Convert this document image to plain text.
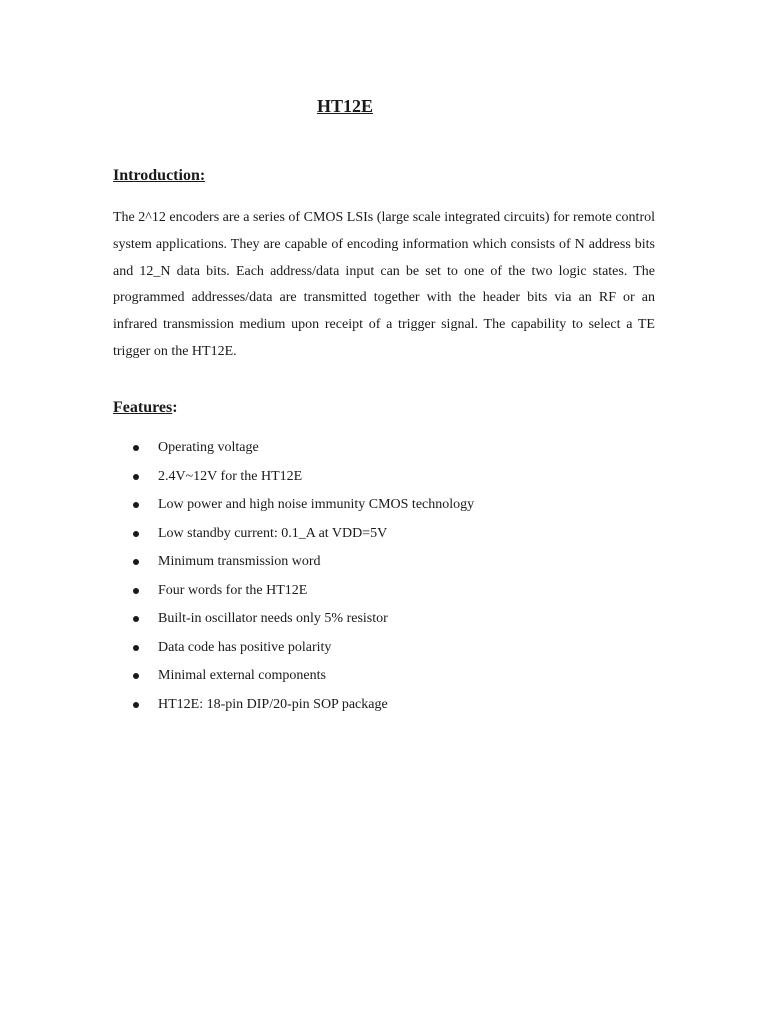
HT12E
Introduction:

The 2^12 encoders are a series of CMOS LSIs (large scale integrated circuits) for remote control system applications. They are capable of encoding information which consists of N address bits and 12_N data bits. Each address/data input can be set to one of the two logic states. The programmed addresses/data are transmitted together with the header bits via an RF or an infrared transmission medium upon receipt of a trigger signal. The capability to select a TE trigger on the HT12E.

Features:
Operating voltage
2.4V~12V for the HT12E
Low power and high noise immunity CMOS technology
Low standby current: 0.1_A at VDD=5V
Minimum transmission word
Four words for the HT12E
Built-in oscillator needs only 5% resistor
Data code has positive polarity
Minimal external components
HT12E: 18-pin DIP/20-pin SOP package
